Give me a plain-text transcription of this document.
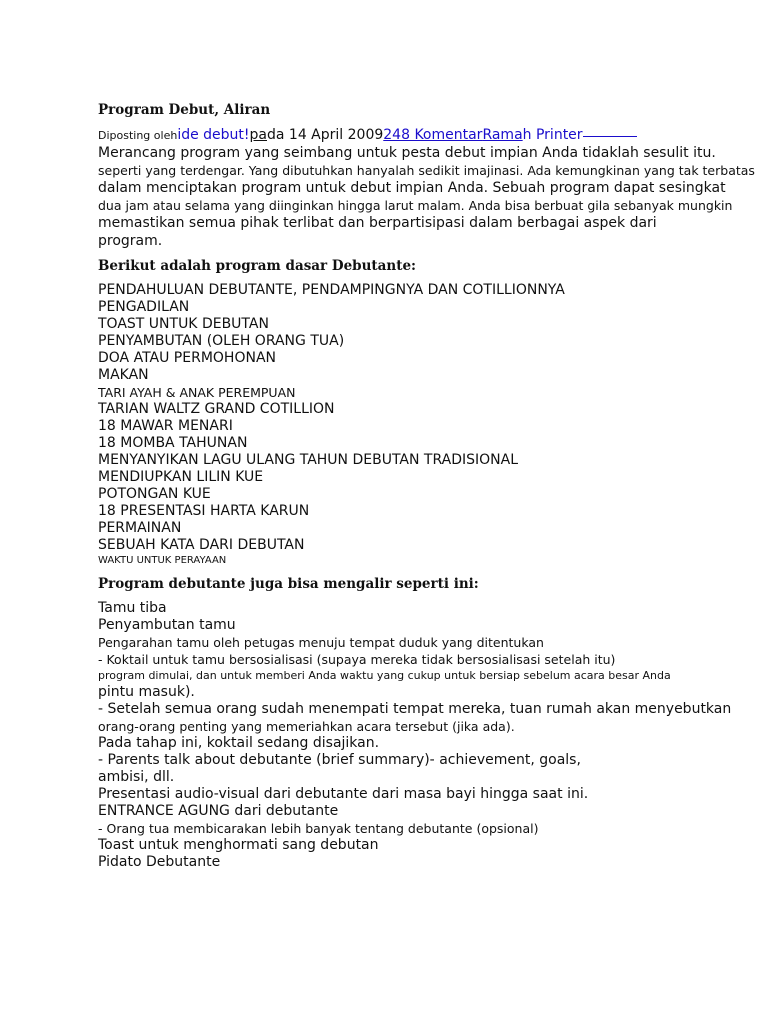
Program Debut, Aliran
Diposting olehide debut!pada 14 April 2009248 KomentarRamah Printer

Merancang program yang seimbang untuk pesta debut impian Anda tidaklah sesulit itu.

seperti yang terdengar. Yang dibutuhkan hanyalah sedikit imajinasi. Ada kemungkinan yang tak terbatas

dalam menciptakan program untuk debut impian Anda. Sebuah program dapat sesingkat

dua jam atau selama yang diinginkan hingga larut malam. Anda bisa berbuat gila sebanyak mungkin

memastikan semua pihak terlibat dan berpartisipasi dalam berbagai aspek dari

program.

Berikut adalah program dasar Debutante:

PENDAHULUAN DEBUTANTE, PENDAMPINGNYA DAN COTILLIONNYA

PENGADILAN

TOAST UNTUK DEBUTAN

PENYAMBUTAN (OLEH ORANG TUA)

DOA ATAU PERMOHONAN

MAKAN

TARI AYAH & ANAK PEREMPUAN

TARIAN WALTZ GRAND COTILLION

18 MAWAR MENARI

18 MOMBA TAHUNAN

MENYANYIKAN LAGU ULANG TAHUN DEBUTAN TRADISIONAL

MENDIUPKAN LILIN KUE

POTONGAN KUE

18 PRESENTASI HARTA KARUN

PERMAINAN

SEBUAH KATA DARI DEBUTAN

WAKTU UNTUK PERAYAAN

Program debutante juga bisa mengalir seperti ini:

Tamu tiba

Penyambutan tamu

Pengarahan tamu oleh petugas menuju tempat duduk yang ditentukan

- Koktail untuk tamu bersosialisasi (supaya mereka tidak bersosialisasi setelah itu)

program dimulai, dan untuk memberi Anda waktu yang cukup untuk bersiap sebelum acara besar Anda

pintu masuk).

- Setelah semua orang sudah menempati tempat mereka, tuan rumah akan menyebutkan

orang-orang penting yang memeriahkan acara tersebut (jika ada).

Pada tahap ini, koktail sedang disajikan.

- Parents talk about debutante (brief summary)- achievement, goals,

ambisi, dll.

Presentasi audio-visual dari debutante dari masa bayi hingga saat ini.

ENTRANCE AGUNG dari debutante

- Orang tua membicarakan lebih banyak tentang debutante (opsional)

Toast untuk menghormati sang debutan

Pidato Debutante
